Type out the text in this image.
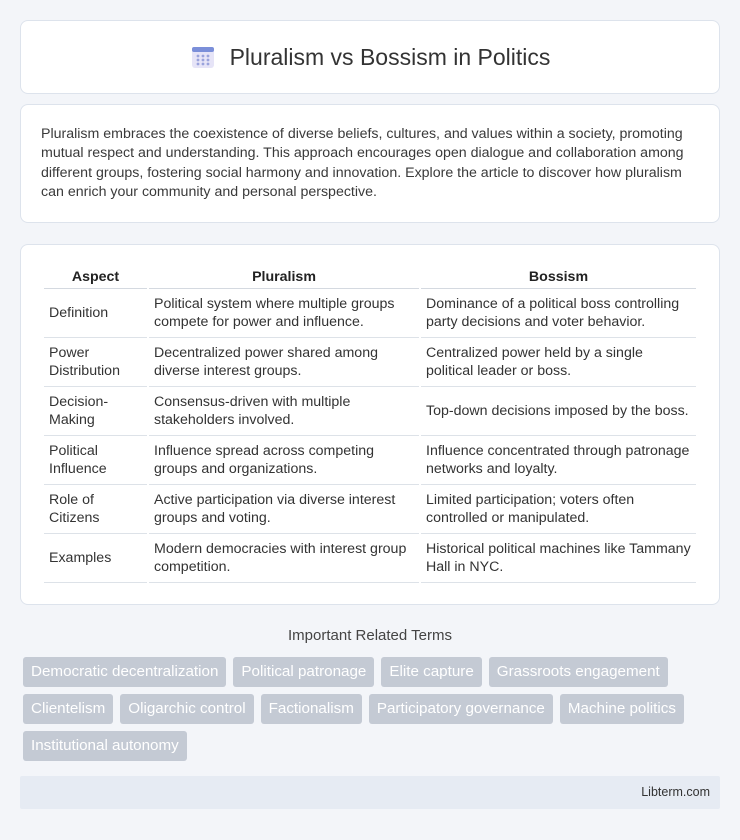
Pluralism vs Bossism in Politics
Pluralism embraces the coexistence of diverse beliefs, cultures, and values within a society, promoting mutual respect and understanding. This approach encourages open dialogue and collaboration among different groups, fostering social harmony and innovation. Explore the article to discover how pluralism can enrich your community and personal perspective.
Aspect	Pluralism	Bossism
Definition	Political system where multiple groups compete for power and influence.	Dominance of a political boss controlling party decisions and voter behavior.
Power Distribution	Decentralized power shared among diverse interest groups.	Centralized power held by a single political leader or boss.
Decision-Making	Consensus-driven with multiple stakeholders involved.	Top-down decisions imposed by the boss.
Political Influence	Influence spread across competing groups and organizations.	Influence concentrated through patronage networks and loyalty.
Role of Citizens	Active participation via diverse interest groups and voting.	Limited participation; voters often controlled or manipulated.
Examples	Modern democracies with interest group competition.	Historical political machines like Tammany Hall in NYC.
Important Related Terms
Democratic decentralization	Political patronage	Elite capture	Grassroots engagement
Clientelism	Oligarchic control	Factionalism	Participatory governance	Machine politics
Institutional autonomy
Libterm.com
